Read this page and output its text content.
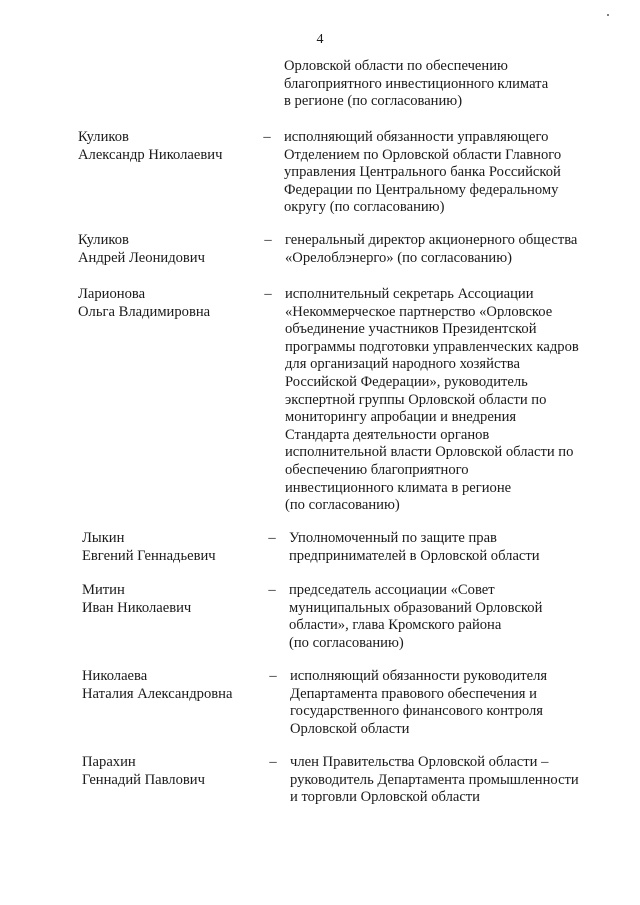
4
Орловской области по обеспечению
благоприятного инвестиционного климата
в регионе (по согласованию)
Куликов
Александр Николаевич
– исполняющий обязанности управляющего
Отделением по Орловской области Главного
управления Центрального банка Российской
Федерации по Центральному федеральному
округу (по согласованию)
Куликов
Андрей Леонидович
– генеральный директор акционерного общества
«Орелоблэнерго» (по согласованию)
Ларионова
Ольга Владимировна
– исполнительный секретарь Ассоциации
«Некоммерческое партнерство «Орловское
объединение участников Президентской
программы подготовки управленческих кадров
для организаций народного хозяйства
Российской Федерации», руководитель
экспертной группы Орловской области по
мониторингу апробации и внедрения
Стандарта деятельности органов
исполнительной власти Орловской области по
обеспечению благоприятного
инвестиционного климата в регионе
(по согласованию)
Лыкин
Евгений Геннадьевич
– Уполномоченный по защите прав
предпринимателей в Орловской области
Митин
Иван Николаевич
– председатель ассоциации «Совет
муниципальных образований Орловской
области», глава Кромского района
(по согласованию)
Николаева
Наталия Александровна
– исполняющий обязанности руководителя
Департамента правового обеспечения и
государственного финансового контроля
Орловской области
Парахин
Геннадий Павлович
– член Правительства Орловской области –
руководитель Департамента промышленности
и торговли Орловской области
